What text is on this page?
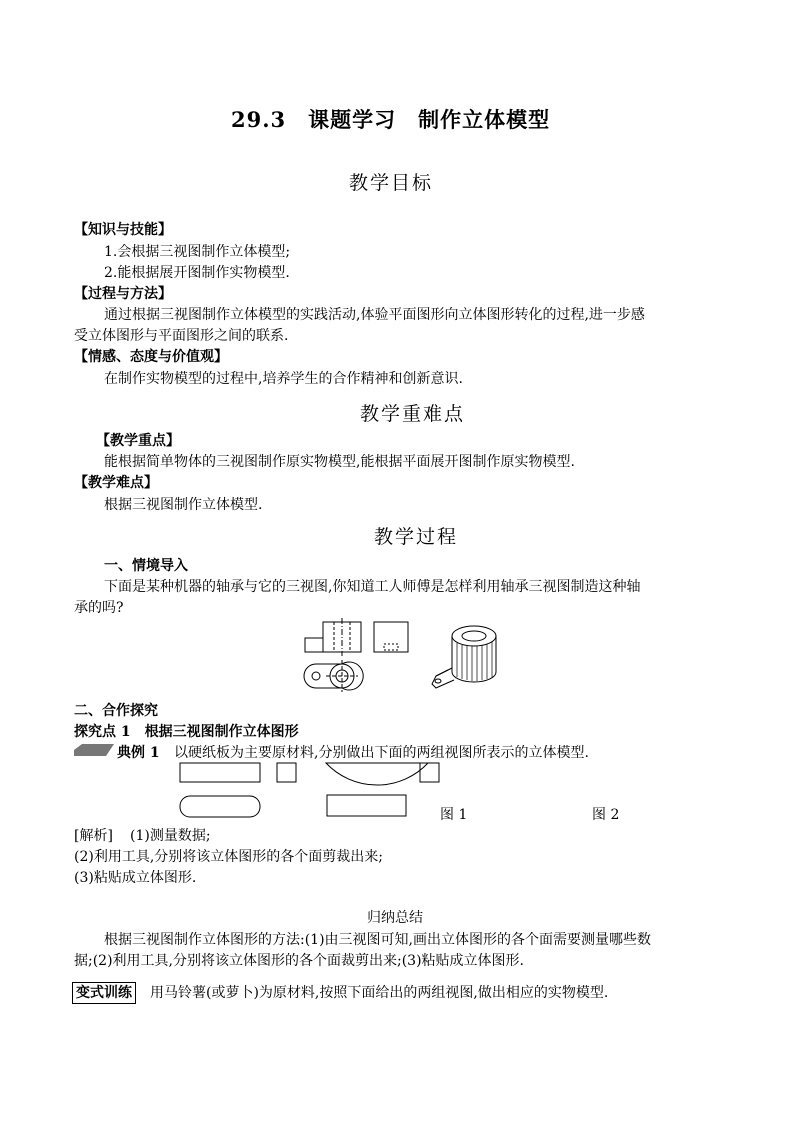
29.3　课题学习　制作立体模型
教学目标
【知识与技能】
1.会根据三视图制作立体模型;
2.能根据展开图制作实物模型.
【过程与方法】
通过根据三视图制作立体模型的实践活动,体验平面图形向立体图形转化的过程,进一步感
受立体图形与平面图形之间的联系.
【情感、态度与价值观】
在制作实物模型的过程中,培养学生的合作精神和创新意识.
教学重难点
【教学重点】
能根据简单物体的三视图制作原实物模型,能根据平面展开图制作原实物模型.
【教学难点】
根据三视图制作立体模型.
教学过程
一、情境导入
下面是某种机器的轴承与它的三视图,你知道工人师傅是怎样利用轴承三视图制造这种轴
承的吗?
二、合作探究
探究点 1　根据三视图制作立体图形
典例 1 以硬纸板为主要原材料,分别做出下面的两组视图所表示的立体模型.
图 1	图 2
[解析] (1)测量数据;
(2)利用工具,分别将该立体图形的各个面剪裁出来;
(3)粘贴成立体图形.
归纳总结
根据三视图制作立体图形的方法:(1)由三视图可知,画出立体图形的各个面需要测量哪些数
据;(2)利用工具,分别将该立体图形的各个面裁剪出来;(3)粘贴成立体图形.
变式训练 用马铃薯(或萝卜)为原材料,按照下面给出的两组视图,做出相应的实物模型.
